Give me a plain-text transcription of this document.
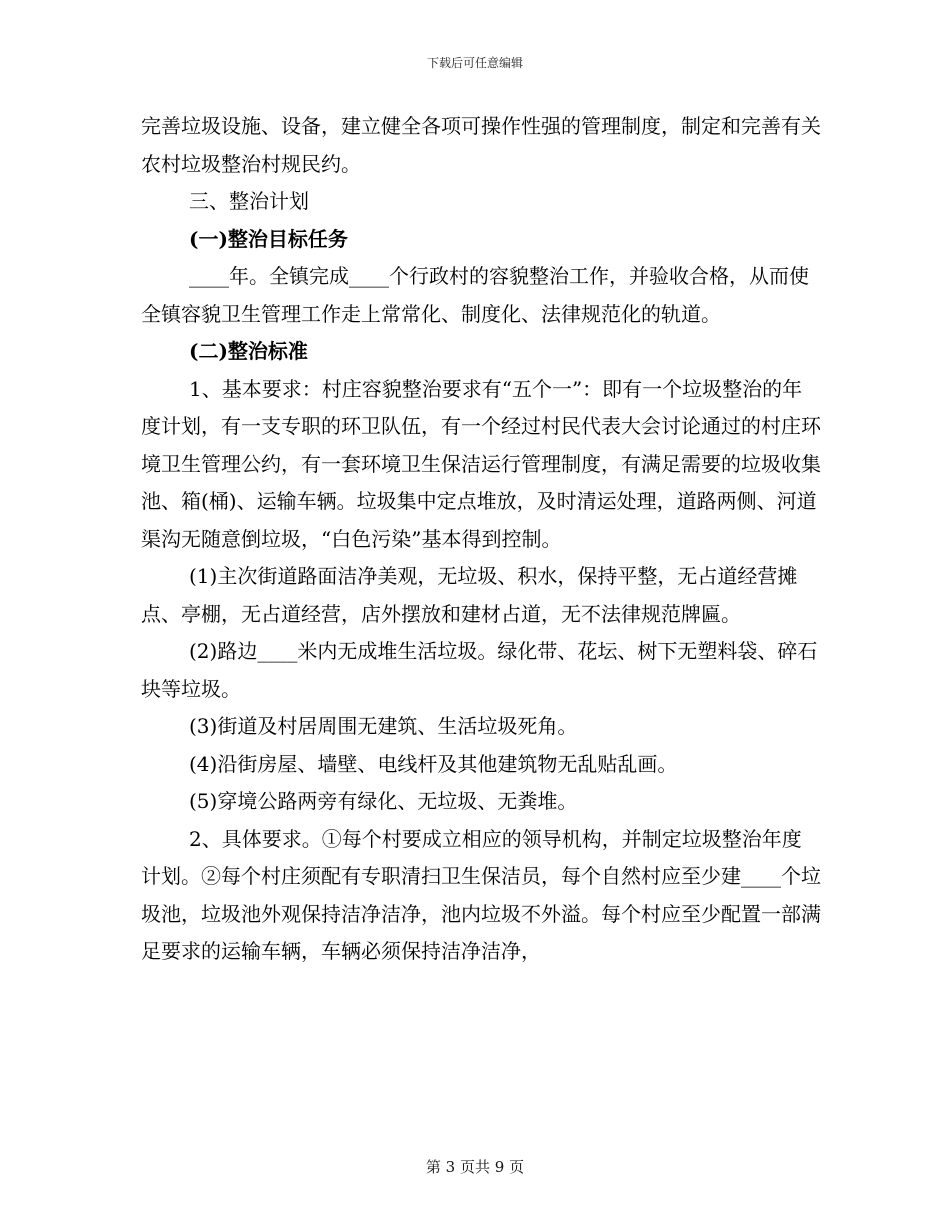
下载后可任意编辑

完善垃圾设施、设备，建立健全各项可操作性强的管理制度，制定和完善有关农村垃圾整治村规民约。

三、整治计划

(一)整治目标任务

____年。全镇完成____个行政村的容貌整治工作，并验收合格，从而使全镇容貌卫生管理工作走上常常化、制度化、法律规范化的轨道。

(二)整治标准

1、基本要求：村庄容貌整治要求有“五个一”：即有一个垃圾整治的年度计划，有一支专职的环卫队伍，有一个经过村民代表大会讨论通过的村庄环境卫生管理公约，有一套环境卫生保洁运行管理制度，有满足需要的垃圾收集池、箱(桶)、运输车辆。垃圾集中定点堆放，及时清运处理，道路两侧、河道渠沟无随意倒垃圾，“白色污染”基本得到控制。

(1)主次街道路面洁净美观，无垃圾、积水，保持平整，无占道经营摊点、亭棚，无占道经营，店外摆放和建材占道，无不法律规范牌匾。

(2)路边____米内无成堆生活垃圾。绿化带、花坛、树下无塑料袋、碎石块等垃圾。

(3)街道及村居周围无建筑、生活垃圾死角。

(4)沿街房屋、墙壁、电线杆及其他建筑物无乱贴乱画。

(5)穿境公路两旁有绿化、无垃圾、无粪堆。

2、具体要求。①每个村要成立相应的领导机构，并制定垃圾整治年度计划。②每个村庄须配有专职清扫卫生保洁员，每个自然村应至少建____个垃圾池，垃圾池外观保持洁净洁净，池内垃圾不外溢。每个村应至少配置一部满足要求的运输车辆，车辆必须保持洁净洁净，

第 3 页共 9 页
